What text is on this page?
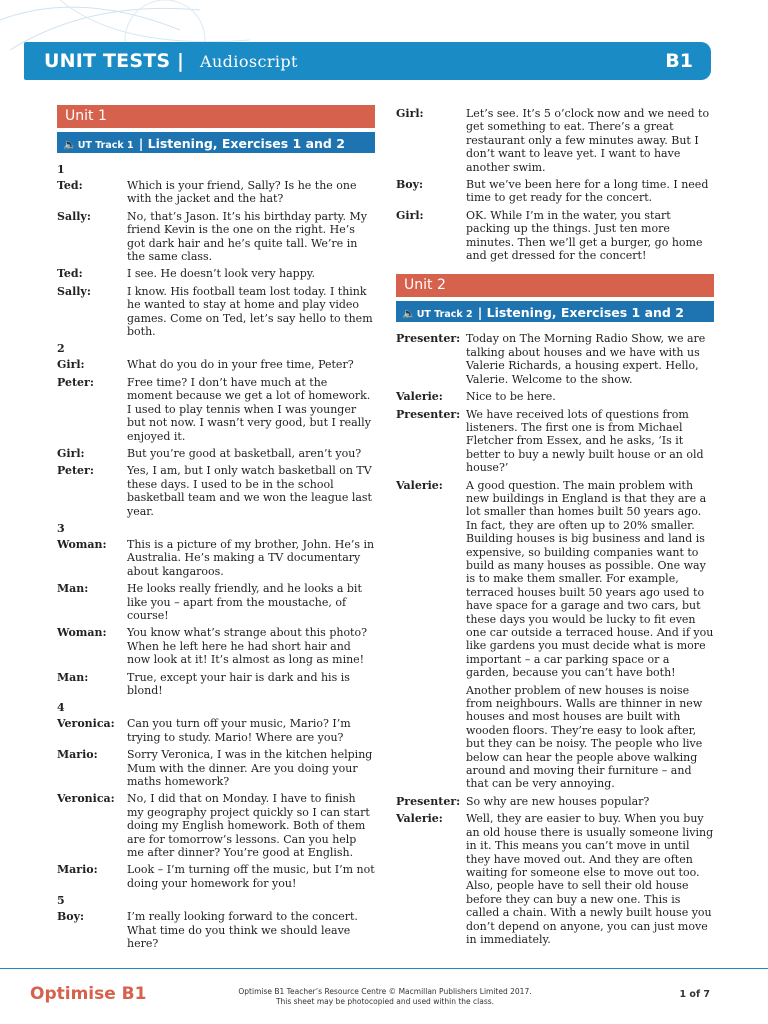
UNIT TESTS | Audioscript	B1
Unit 1
🔈UT Track 1 | Listening, Exercises 1 and 2
1
Ted:	Which is your friend, Sally? Is he the one with the jacket and the hat?
Sally:	No, that’s Jason. It’s his birthday party. My friend Kevin is the one on the right. He’s got dark hair and he’s quite tall. We’re in the same class.
Ted:	I see. He doesn’t look very happy.
Sally:	I know. His football team lost today. I think he wanted to stay at home and play video games. Come on Ted, let’s say hello to them both.
2
Girl:	What do you do in your free time, Peter?
Peter:	Free time? I don’t have much at the moment because we get a lot of homework. I used to play tennis when I was younger but not now. I wasn’t very good, but I really enjoyed it.
Girl:	But you’re good at basketball, aren’t you?
Peter:	Yes, I am, but I only watch basketball on TV these days. I used to be in the school basketball team and we won the league last year.
3
Woman:	This is a picture of my brother, John. He’s in Australia. He’s making a TV documentary about kangaroos.
Man:	He looks really friendly, and he looks a bit like you – apart from the moustache, of course!
Woman:	You know what’s strange about this photo? When he left here he had short hair and now look at it! It’s almost as long as mine!
Man:	True, except your hair is dark and his is blond!
4
Veronica:	Can you turn off your music, Mario? I’m trying to study. Mario! Where are you?
Mario:	Sorry Veronica, I was in the kitchen helping Mum with the dinner. Are you doing your maths homework?
Veronica:	No, I did that on Monday. I have to finish my geography project quickly so I can start doing my English homework. Both of them are for tomorrow’s lessons. Can you help me after dinner? You’re good at English.
Mario:	Look – I’m turning off the music, but I’m not doing your homework for you!
5
Boy:	I’m really looking forward to the concert. What time do you think we should leave here?
Girl:	Let’s see. It’s 5 o’clock now and we need to get something to eat. There’s a great restaurant only a few minutes away. But I don’t want to leave yet. I want to have another swim.
Boy:	But we’ve been here for a long time. I need time to get ready for the concert.
Girl:	OK. While I’m in the water, you start packing up the things. Just ten more minutes. Then we’ll get a burger, go home and get dressed for the concert!
Unit 2
🔈UT Track 2 | Listening, Exercises 1 and 2
Presenter: Today on The Morning Radio Show, we are talking about houses and we have with us Valerie Richards, a housing expert. Hello, Valerie. Welcome to the show.
Valerie:	Nice to be here.
Presenter: We have received lots of questions from listeners. The first one is from Michael Fletcher from Essex, and he asks, ‘Is it better to buy a newly built house or an old house?’
Valerie:	A good question. The main problem with new buildings in England is that they are a lot smaller than homes built 50 years ago. In fact, they are often up to 20% smaller. Building houses is big business and land is expensive, so building companies want to build as many houses as possible. One way is to make them smaller. For example, terraced houses built 50 years ago used to have space for a garage and two cars, but these days you would be lucky to fit even one car outside a terraced house. And if you like gardens you must decide what is more important – a car parking space or a garden, because you can’t have both!
Another problem of new houses is noise from neighbours. Walls are thinner in new houses and most houses are built with wooden floors. They’re easy to look after, but they can be noisy. The people who live below can hear the people above walking around and moving their furniture – and that can be very annoying.
Presenter: So why are new houses popular?
Valerie:	Well, they are easier to buy. When you buy an old house there is usually someone living in it. This means you can’t move in until they have moved out. And they are often waiting for someone else to move out too. Also, people have to sell their old house before they can buy a new one. This is called a chain. With a newly built house you don’t depend on anyone, you can just move in immediately.
Optimise B1	Optimise B1 Teacher’s Resource Centre © Macmillan Publishers Limited 2017.
This sheet may be photocopied and used within the class.
1 of 7
